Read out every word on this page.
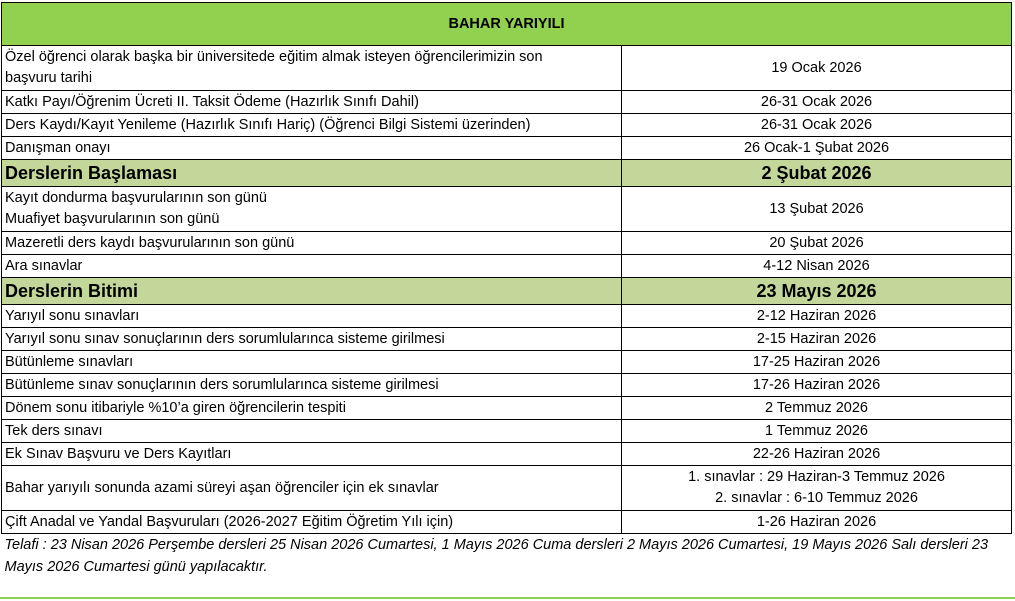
BAHAR YARIYILI	

Özel öğrenci olarak başka bir üniversitede eğitim almak isteyen öğrencilerimizin son
başvuru tarihi	19 Ocak 2026

Katkı Payı/Öğrenim Ücreti II. Taksit Ödeme (Hazırlık Sınıfı Dahil)	26-31 Ocak 2026

Ders Kaydı/Kayıt Yenileme (Hazırlık Sınıfı Hariç) (Öğrenci Bilgi Sistemi üzerinden)	26-31 Ocak 2026

Danışman onayı	26 Ocak-1 Şubat 2026

Derslerin Başlaması	2 Şubat 2026

Kayıt dondurma başvurularının son günü
Muafiyet başvurularının son günü	13 Şubat 2026

Mazeretli ders kaydı başvurularının son günü	20 Şubat 2026

Ara sınavlar	4-12 Nisan 2026

Derslerin Bitimi	23 Mayıs 2026

Yarıyıl sonu sınavları	2-12 Haziran 2026

Yarıyıl sonu sınav sonuçlarının ders sorumlularınca sisteme girilmesi	2-15 Haziran 2026

Bütünleme sınavları	17-25 Haziran 2026

Bütünleme sınav sonuçlarının ders sorumlularınca sisteme girilmesi	17-26 Haziran 2026

Dönem sonu itibariyle %10’a giren öğrencilerin tespiti	2 Temmuz 2026

Tek ders sınavı	1 Temmuz 2026

Ek Sınav Başvuru ve Ders Kayıtları	22-26 Haziran 2026

Bahar yarıyılı sonunda azami süreyi aşan öğrenciler için ek sınavlar	1. sınavlar : 29 Haziran-3 Temmuz 2026
2. sınavlar : 6-10 Temmuz 2026

Çift Anadal ve Yandal Başvuruları (2026-2027 Eğitim Öğretim Yılı için)	1-26 Haziran 2026

Telafi : 23 Nisan 2026 Perşembe dersleri 25 Nisan 2026 Cumartesi, 1 Mayıs 2026 Cuma dersleri 2 Mayıs 2026 Cumartesi, 19 Mayıs 2026 Salı dersleri 23 Mayıs 2026 Cumartesi günü yapılacaktır.	
